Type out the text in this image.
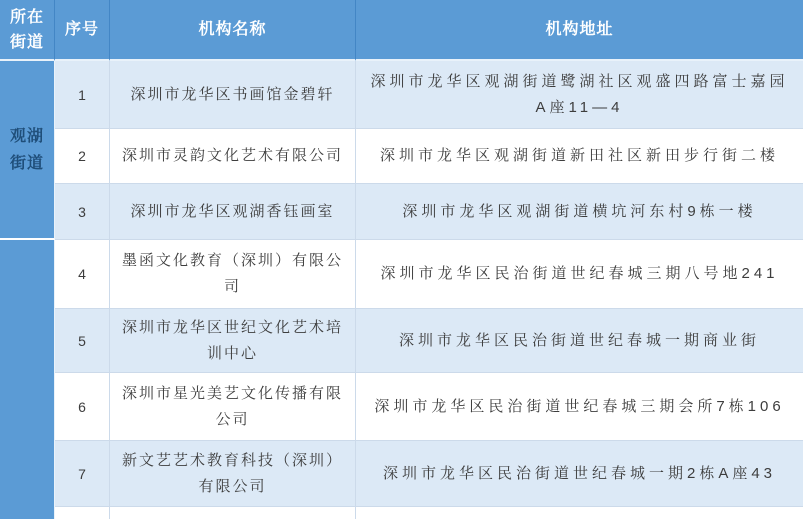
所在街道	序号	机构名称	机构地址
观湖街道	1	深圳市龙华区书画馆金碧轩	深圳市龙华区观湖街道鹭湖社区观盛四路富士嘉园A座11—4
	2	深圳市灵韵文化艺术有限公司	深圳市龙华区观湖街道新田社区新田步行街二楼
	3	深圳市龙华区观湖香钰画室	深圳市龙华区观湖街道横坑河东村9栋一楼
	4	墨函文化教育（深圳）有限公司	深圳市龙华区民治街道世纪春城三期八号地241
	5	深圳市龙华区世纪文化艺术培训中心	深圳市龙华区民治街道世纪春城一期商业街
	6	深圳市星光美艺文化传播有限公司	深圳市龙华区民治街道世纪春城三期会所7栋106
	7	新文艺艺术教育科技（深圳）有限公司	深圳市龙华区民治街道世纪春城一期2栋A座43
